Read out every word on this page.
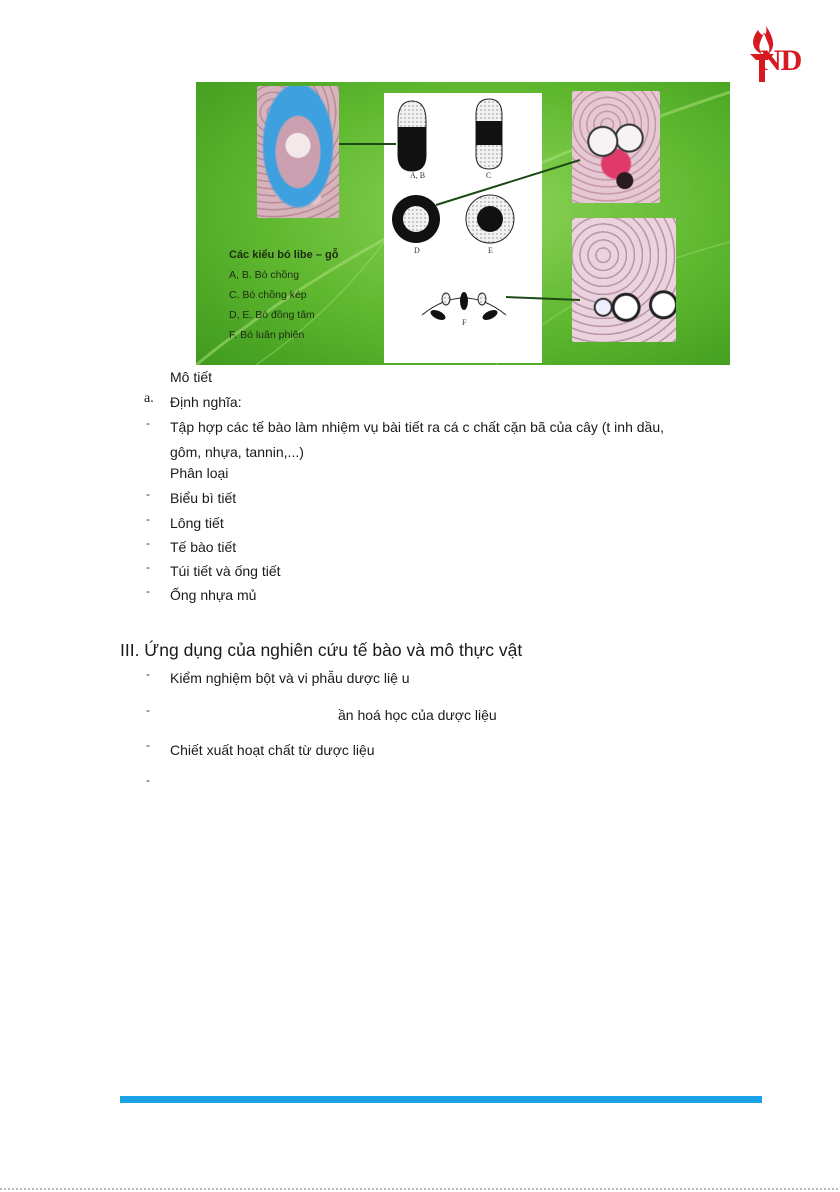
ND
A, B	C
D	E
F
Các kiểu bó libe – gỗ
A, B. Bó chồng
C. Bó chồng kép
D, E. Bó đồng tâm
F. Bó luân phiên
Mô tiết
a. Định nghĩa:
- Tập hợp các tế bào làm nhiệm vụ bài tiết ra cá c chất cặn bã của cây (t inh dầu,
gôm, nhựa, tannin,...)
Phân loại
- Biểu bì tiết
- Lông tiết
- Tế bào tiết
- Túi tiết và ống tiết
- Ống nhựa mủ
III. Ứng dụng của nghiên cứu tế bào và mô thực vật
- Kiểm nghiệm bột và vi phẫu dược liệ u
-	ần hoá học của dược liệu
- Chiết xuất hoạt chất từ dược liệu
-
